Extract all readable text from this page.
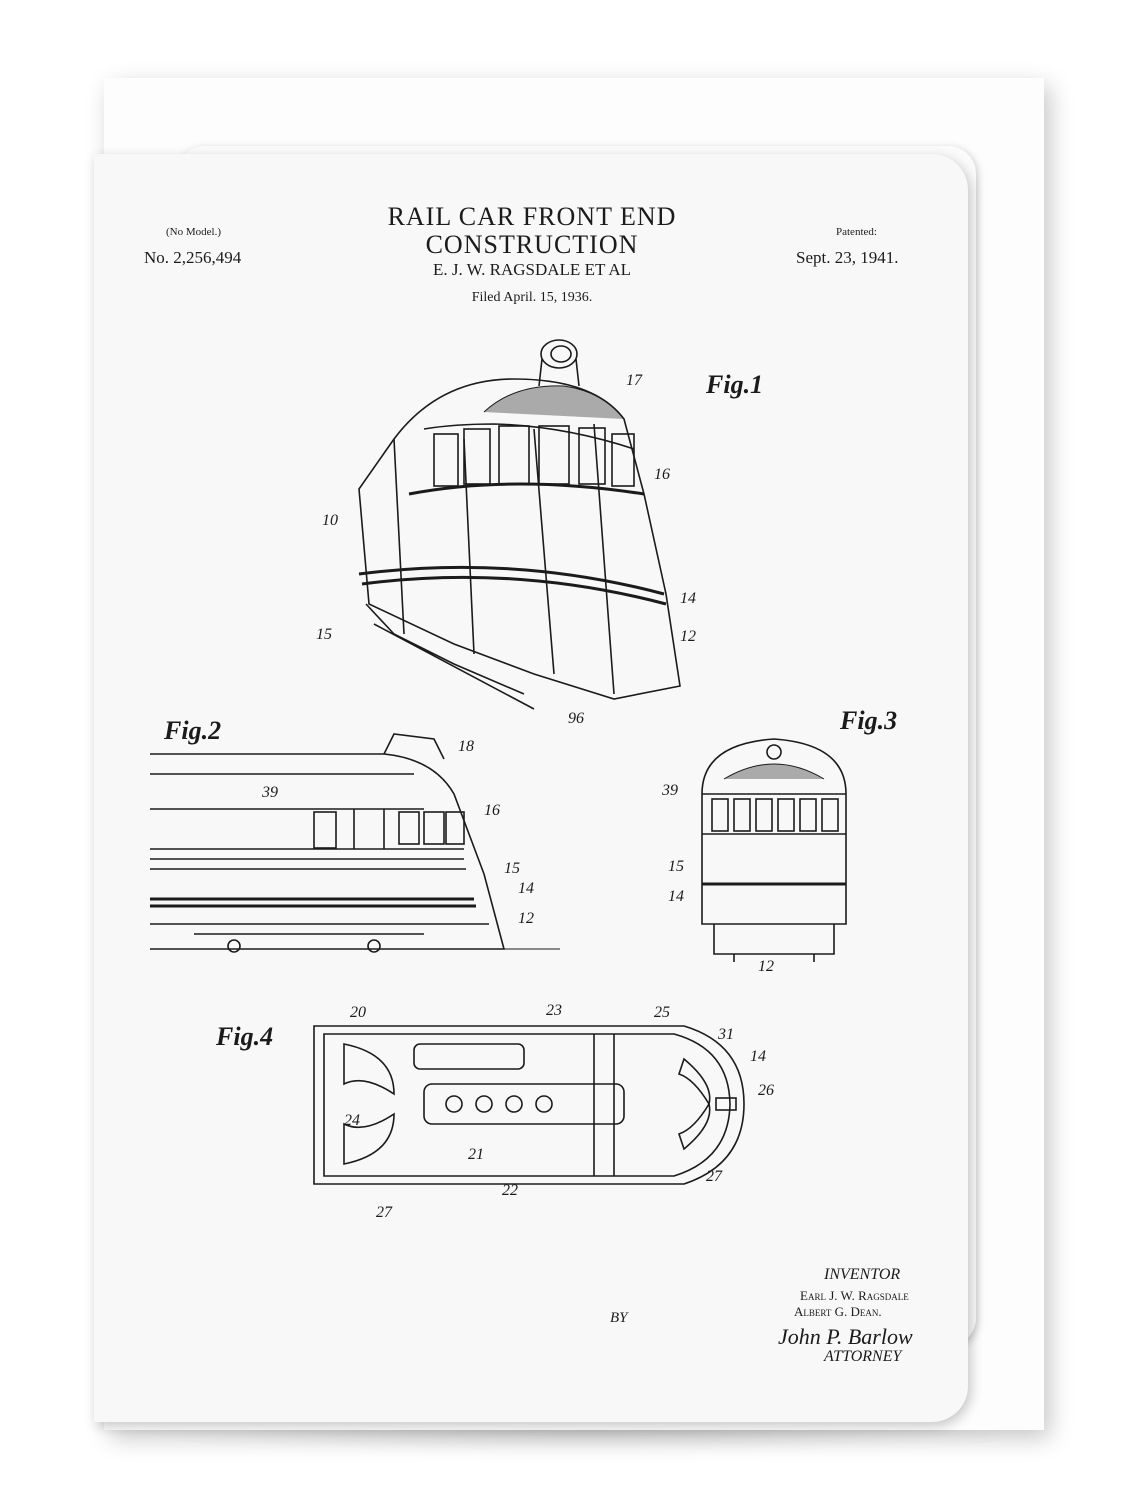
(No Model.)
No. 2,256,494
RAIL CAR FRONT END
CONSTRUCTION
E. J. W. RAGSDALE ET AL
Filed April. 15, 1936.
Patented:
Sept. 23, 1941.
Fig.1
Fig.2	Fig.3
Fig.4
17
16
10
14
15	12
96
18
39
16
15
14
12
39
15
14
12
20	23	25
31
14
26
24
21
22
27
27
INVENTOR
Earl J. W. Ragsdale
Albert G. Dean.
BY
John P. Barlow
ATTORNEY
